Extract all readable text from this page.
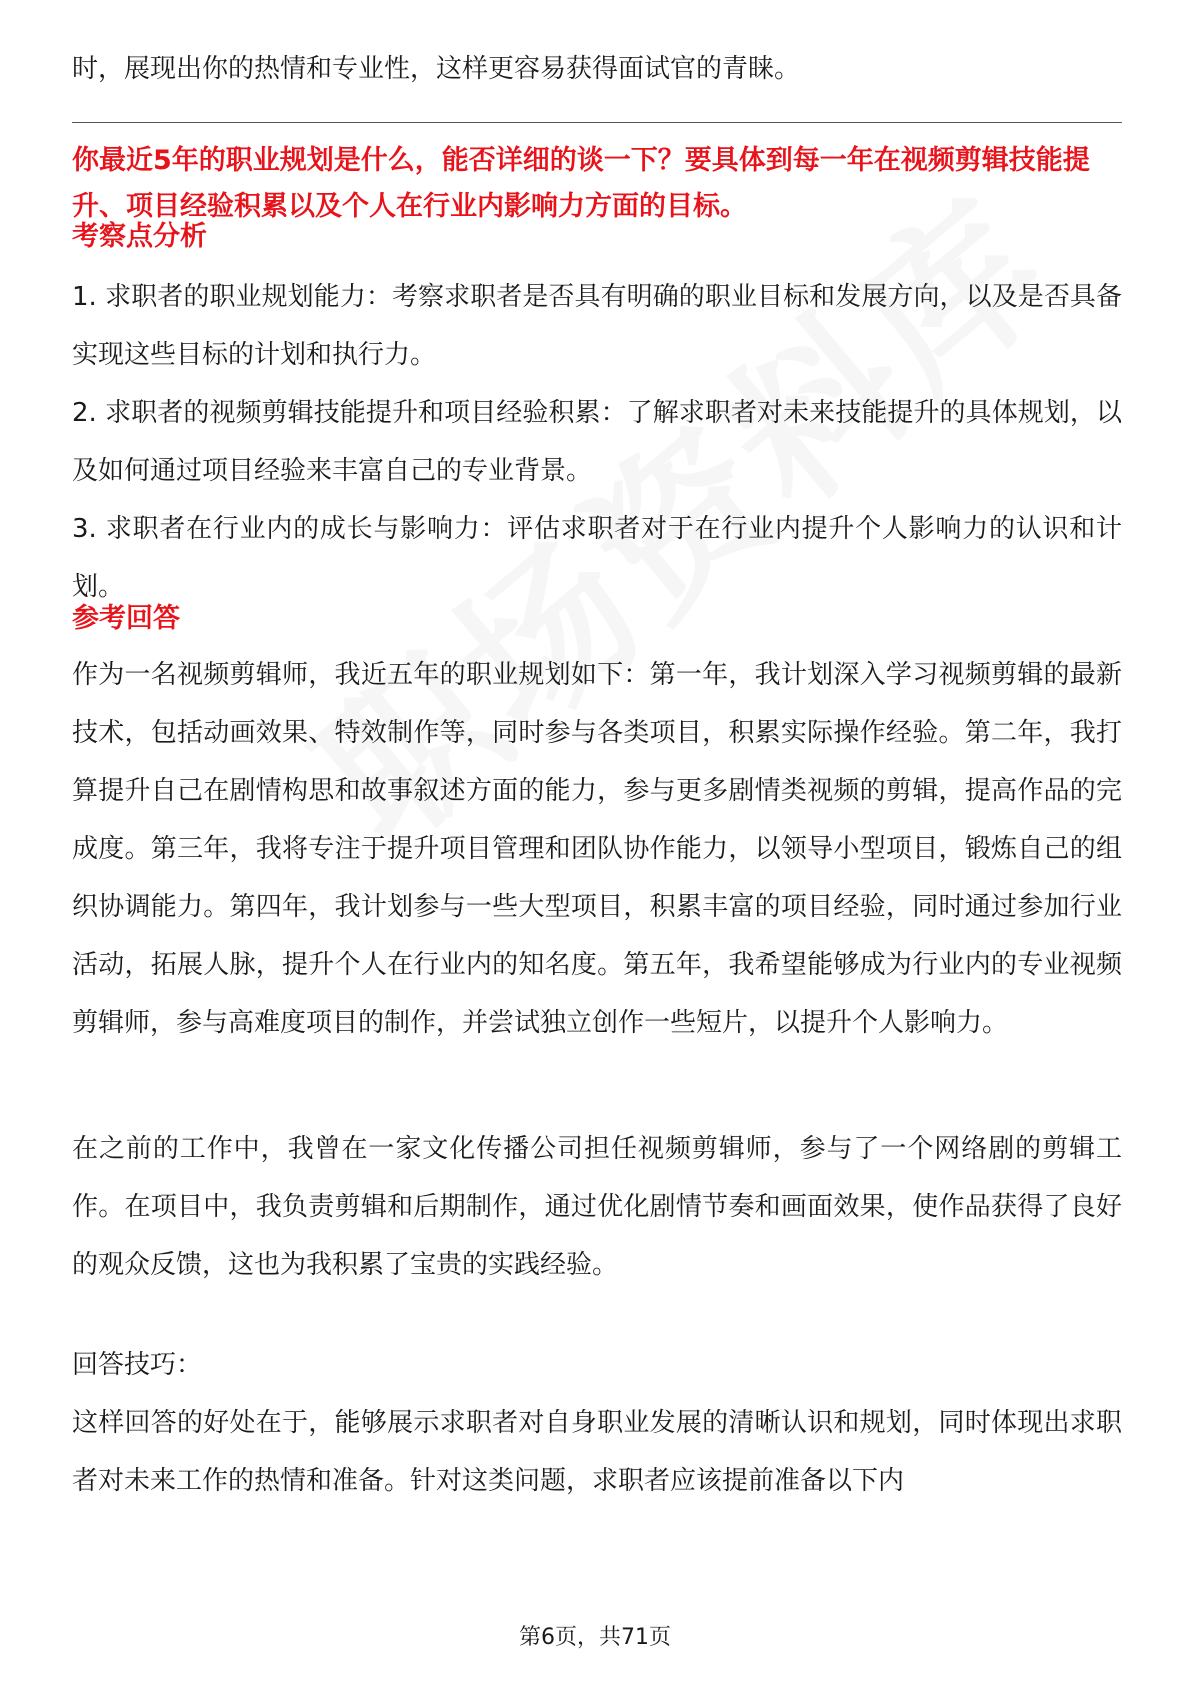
时，展现出你的热情和专业性，这样更容易获得面试官的青睐。

你最近5年的职业规划是什么，能否详细的谈一下？要具体到每一年在视频剪辑技能提升、项目经验积累以及个人在行业内影响力方面的目标。

考察点分析

1. 求职者的职业规划能力：考察求职者是否具有明确的职业目标和发展方向，以及是否具备实现这些目标的计划和执行力。

2. 求职者的视频剪辑技能提升和项目经验积累：了解求职者对未来技能提升的具体规划，以及如何通过项目经验来丰富自己的专业背景。

3. 求职者在行业内的成长与影响力：评估求职者对于在行业内提升个人影响力的认识和计划。

参考回答

作为一名视频剪辑师，我近五年的职业规划如下：第一年，我计划深入学习视频剪辑的最新技术，包括动画效果、特效制作等，同时参与各类项目，积累实际操作经验。第二年，我打算提升自己在剧情构思和故事叙述方面的能力，参与更多剧情类视频的剪辑，提高作品的完成度。第三年，我将专注于提升项目管理和团队协作能力，以领导小型项目，锻炼自己的组织协调能力。第四年，我计划参与一些大型项目，积累丰富的项目经验，同时通过参加行业活动，拓展人脉，提升个人在行业内的知名度。第五年，我希望能够成为行业内的专业视频剪辑师，参与高难度项目的制作，并尝试独立创作一些短片，以提升个人影响力。

在之前的工作中，我曾在一家文化传播公司担任视频剪辑师，参与了一个网络剧的剪辑工作。在项目中，我负责剪辑和后期制作，通过优化剧情节奏和画面效果，使作品获得了良好的观众反馈，这也为我积累了宝贵的实践经验。

回答技巧：

这样回答的好处在于，能够展示求职者对自身职业发展的清晰认识和规划，同时体现出求职者对未来工作的热情和准备。针对这类问题，求职者应该提前准备以下内

第6页，共71页
